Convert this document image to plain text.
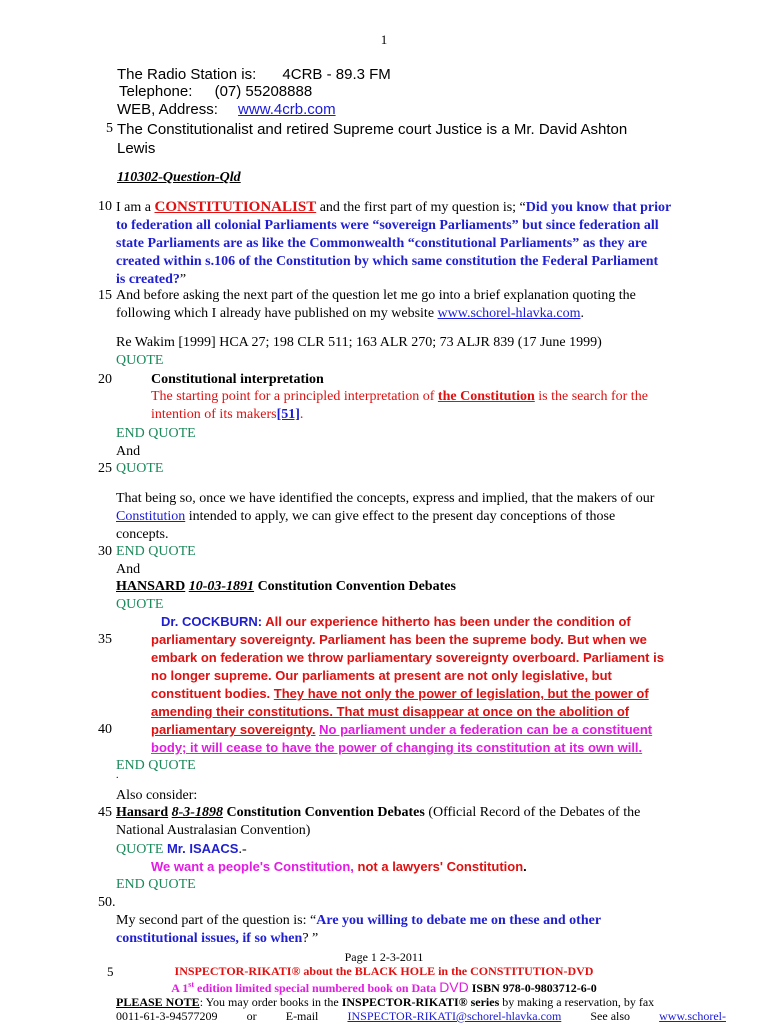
1
The Radio Station is: 4CRB - 89.3 FM
Telephone: (07) 55208888
WEB, Address: www.4crb.com
5 The Constitutionalist and retired Supreme court Justice is a Mr. David Ashton
Lewis
110302-Question-Qld
10 I am a CONSTITUTIONALIST and the first part of my question is; “Did you know that prior
to federation all colonial Parliaments were “sovereign Parliaments” but since federation all
state Parliaments are as like the Commonwealth “constitutional Parliaments” as they are
created within s.106 of the Constitution by which same constitution the Federal Parliament
is created?”
15 And before asking the next part of the question let me go into a brief explanation quoting the
following which I already have published on my website www.schorel-hlavka.com.
Re Wakim [1999] HCA 27; 198 CLR 511; 163 ALR 270; 73 ALJR 839 (17 June 1999)
QUOTE
20	Constitutional interpretation
The starting point for a principled interpretation of the Constitution is the search for the
intention of its makers[51].
END QUOTE
And
25 QUOTE
That being so, once we have identified the concepts, express and implied, that the makers of our
Constitution intended to apply, we can give effect to the present day conceptions of those
concepts.
30 END QUOTE
And
HANSARD 10-03-1891 Constitution Convention Debates
QUOTE
35
40
Dr. COCKBURN: All our experience hitherto has been under the condition of
parliamentary sovereignty. Parliament has been the supreme body. But when we
embark on federation we throw parliamentary sovereignty overboard. Parliament is
no longer supreme. Our parliaments at present are not only legislative, but
constituent bodies. They have not only the power of legislation, but the power of
amending their constitutions. That must disappear at once on the abolition of
parliamentary sovereignty. No parliament under a federation can be a constituent
body; it will cease to have the power of changing its constitution at its own will.
END QUOTE
.
Also consider:
45 Hansard 8-3-1898 Constitution Convention Debates (Official Record of the Debates of the
National Australasian Convention)
QUOTE Mr. ISAACS.-
We want a people's Constitution, not a lawyers' Constitution.
END QUOTE
50.
My second part of the question is: “Are you willing to debate me on these and other
constitutional issues, if so when? ”
Page 1 2-3-2011
5	INSPECTOR-RIKATI® about the BLACK HOLE in the CONSTITUTION-DVD
A 1st edition limited special numbered book on Data DVD ISBN 978-0-9803712-6-0
PLEASE NOTE: You may order books in the INSPECTOR-RIKATI® series by making a reservation, by fax
0011-61-3-94577209 or E-mail INSPECTOR-RIKATI@schorel-hlavka.com See also www.schorel-
